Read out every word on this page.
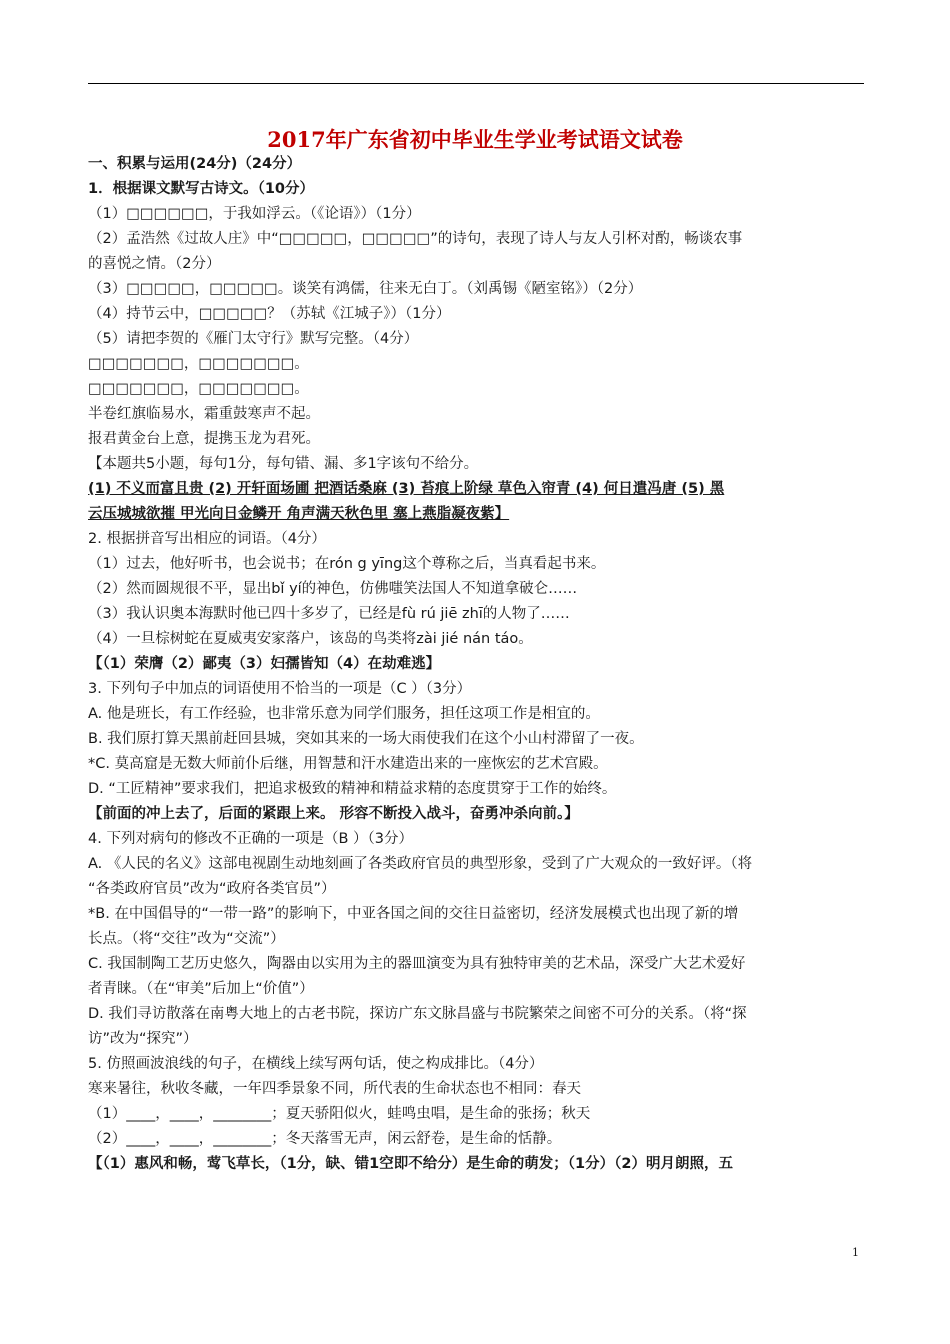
2017年广东省初中毕业生学业考试语文试卷
一、积累与运用(24分)（24分）
1．根据课文默写古诗文。（10分）
（1）□□□□□□，于我如浮云。（《论语》）（1分）
（2）孟浩然《过故人庄》中“□□□□□，□□□□□”的诗句，表现了诗人与友人引杯对酌，畅谈农事
的喜悦之情。（2分）
（3）□□□□□，□□□□□。谈笑有鸿儒，往来无白丁。（刘禹锡《陋室铭》）（2分）
（4）持节云中，□□□□□？（苏轼《江城子》）（1分）
（5）请把李贺的《雁门太守行》默写完整。（4分）
□□□□□□□，□□□□□□□。
□□□□□□□，□□□□□□□。
半卷红旗临易水，霜重鼓寒声不起。
报君黄金台上意，提携玉龙为君死。
【本题共5小题，每句1分，每句错、漏、多1字该句不给分。
(1) 不义而富且贵 (2) 开轩面场圃 把酒话桑麻 (3) 苔痕上阶绿 草色入帘青 (4) 何日遣冯唐 (5) 黑
云压城城欲摧 甲光向日金鳞开 角声满天秋色里 塞上燕脂凝夜紫】
2. 根据拼音写出相应的词语。（4分）
（1）过去，他好听书，也会说书；在rón g yīng这个尊称之后，当真看起书来。
（2）然而圆规很不平，显出bǐ yí的神色，仿佛嗤笑法国人不知道拿破仑……
（3）我认识奥本海默时他已四十多岁了，已经是fù rú jiē zhī的人物了……
（4）一旦棕树蛇在夏威夷安家落户，该岛的鸟类将zài jié nán táo。
【（1）荣膺（2）鄙夷（3）妇孺皆知（4）在劫难逃】
3. 下列句子中加点的词语使用不恰当的一项是（C ）（3分）
A. 他是班长，有工作经验，也非常乐意为同学们服务，担任这项工作是相宜的。
B. 我们原打算天黑前赶回县城，突如其来的一场大雨使我们在这个小山村滞留了一夜。
*C. 莫高窟是无数大师前仆后继，用智慧和汗水建造出来的一座恢宏的艺术宫殿。
D. “工匠精神”要求我们，把追求极致的精神和精益求精的态度贯穿于工作的始终。
【前面的冲上去了，后面的紧跟上来。 形容不断投入战斗，奋勇冲杀向前。】
4. 下列对病句的修改不正确的一项是（B ）（3分）
A. 《人民的名义》这部电视剧生动地刻画了各类政府官员的典型形象，受到了广大观众的一致好评。（将
“各类政府官员”改为“政府各类官员”）
*B. 在中国倡导的“一带一路”的影响下，中亚各国之间的交往日益密切，经济发展模式也出现了新的增
长点。（将“交往”改为“交流”）
C. 我国制陶工艺历史悠久，陶器由以实用为主的器皿演变为具有独特审美的艺术品，深受广大艺术爱好
者青睐。（在“审美”后加上“价值”）
D. 我们寻访散落在南粤大地上的古老书院，探访广东文脉昌盛与书院繁荣之间密不可分的关系。（将“探
访”改为“探究”）
5. 仿照画波浪线的句子，在横线上续写两句话，使之构成排比。（4分）
寒来暑往，秋收冬藏，一年四季景象不同，所代表的生命状态也不相同：春天
（1）____，____，________；夏天骄阳似火，蛙鸣虫唱，是生命的张扬；秋天
（2）____，____，________；冬天落雪无声，闲云舒卷，是生命的恬静。
【（1）惠风和畅，莺飞草长，（1分，缺、错1空即不给分）是生命的萌发；（1分）（2）明月朗照，五
1
